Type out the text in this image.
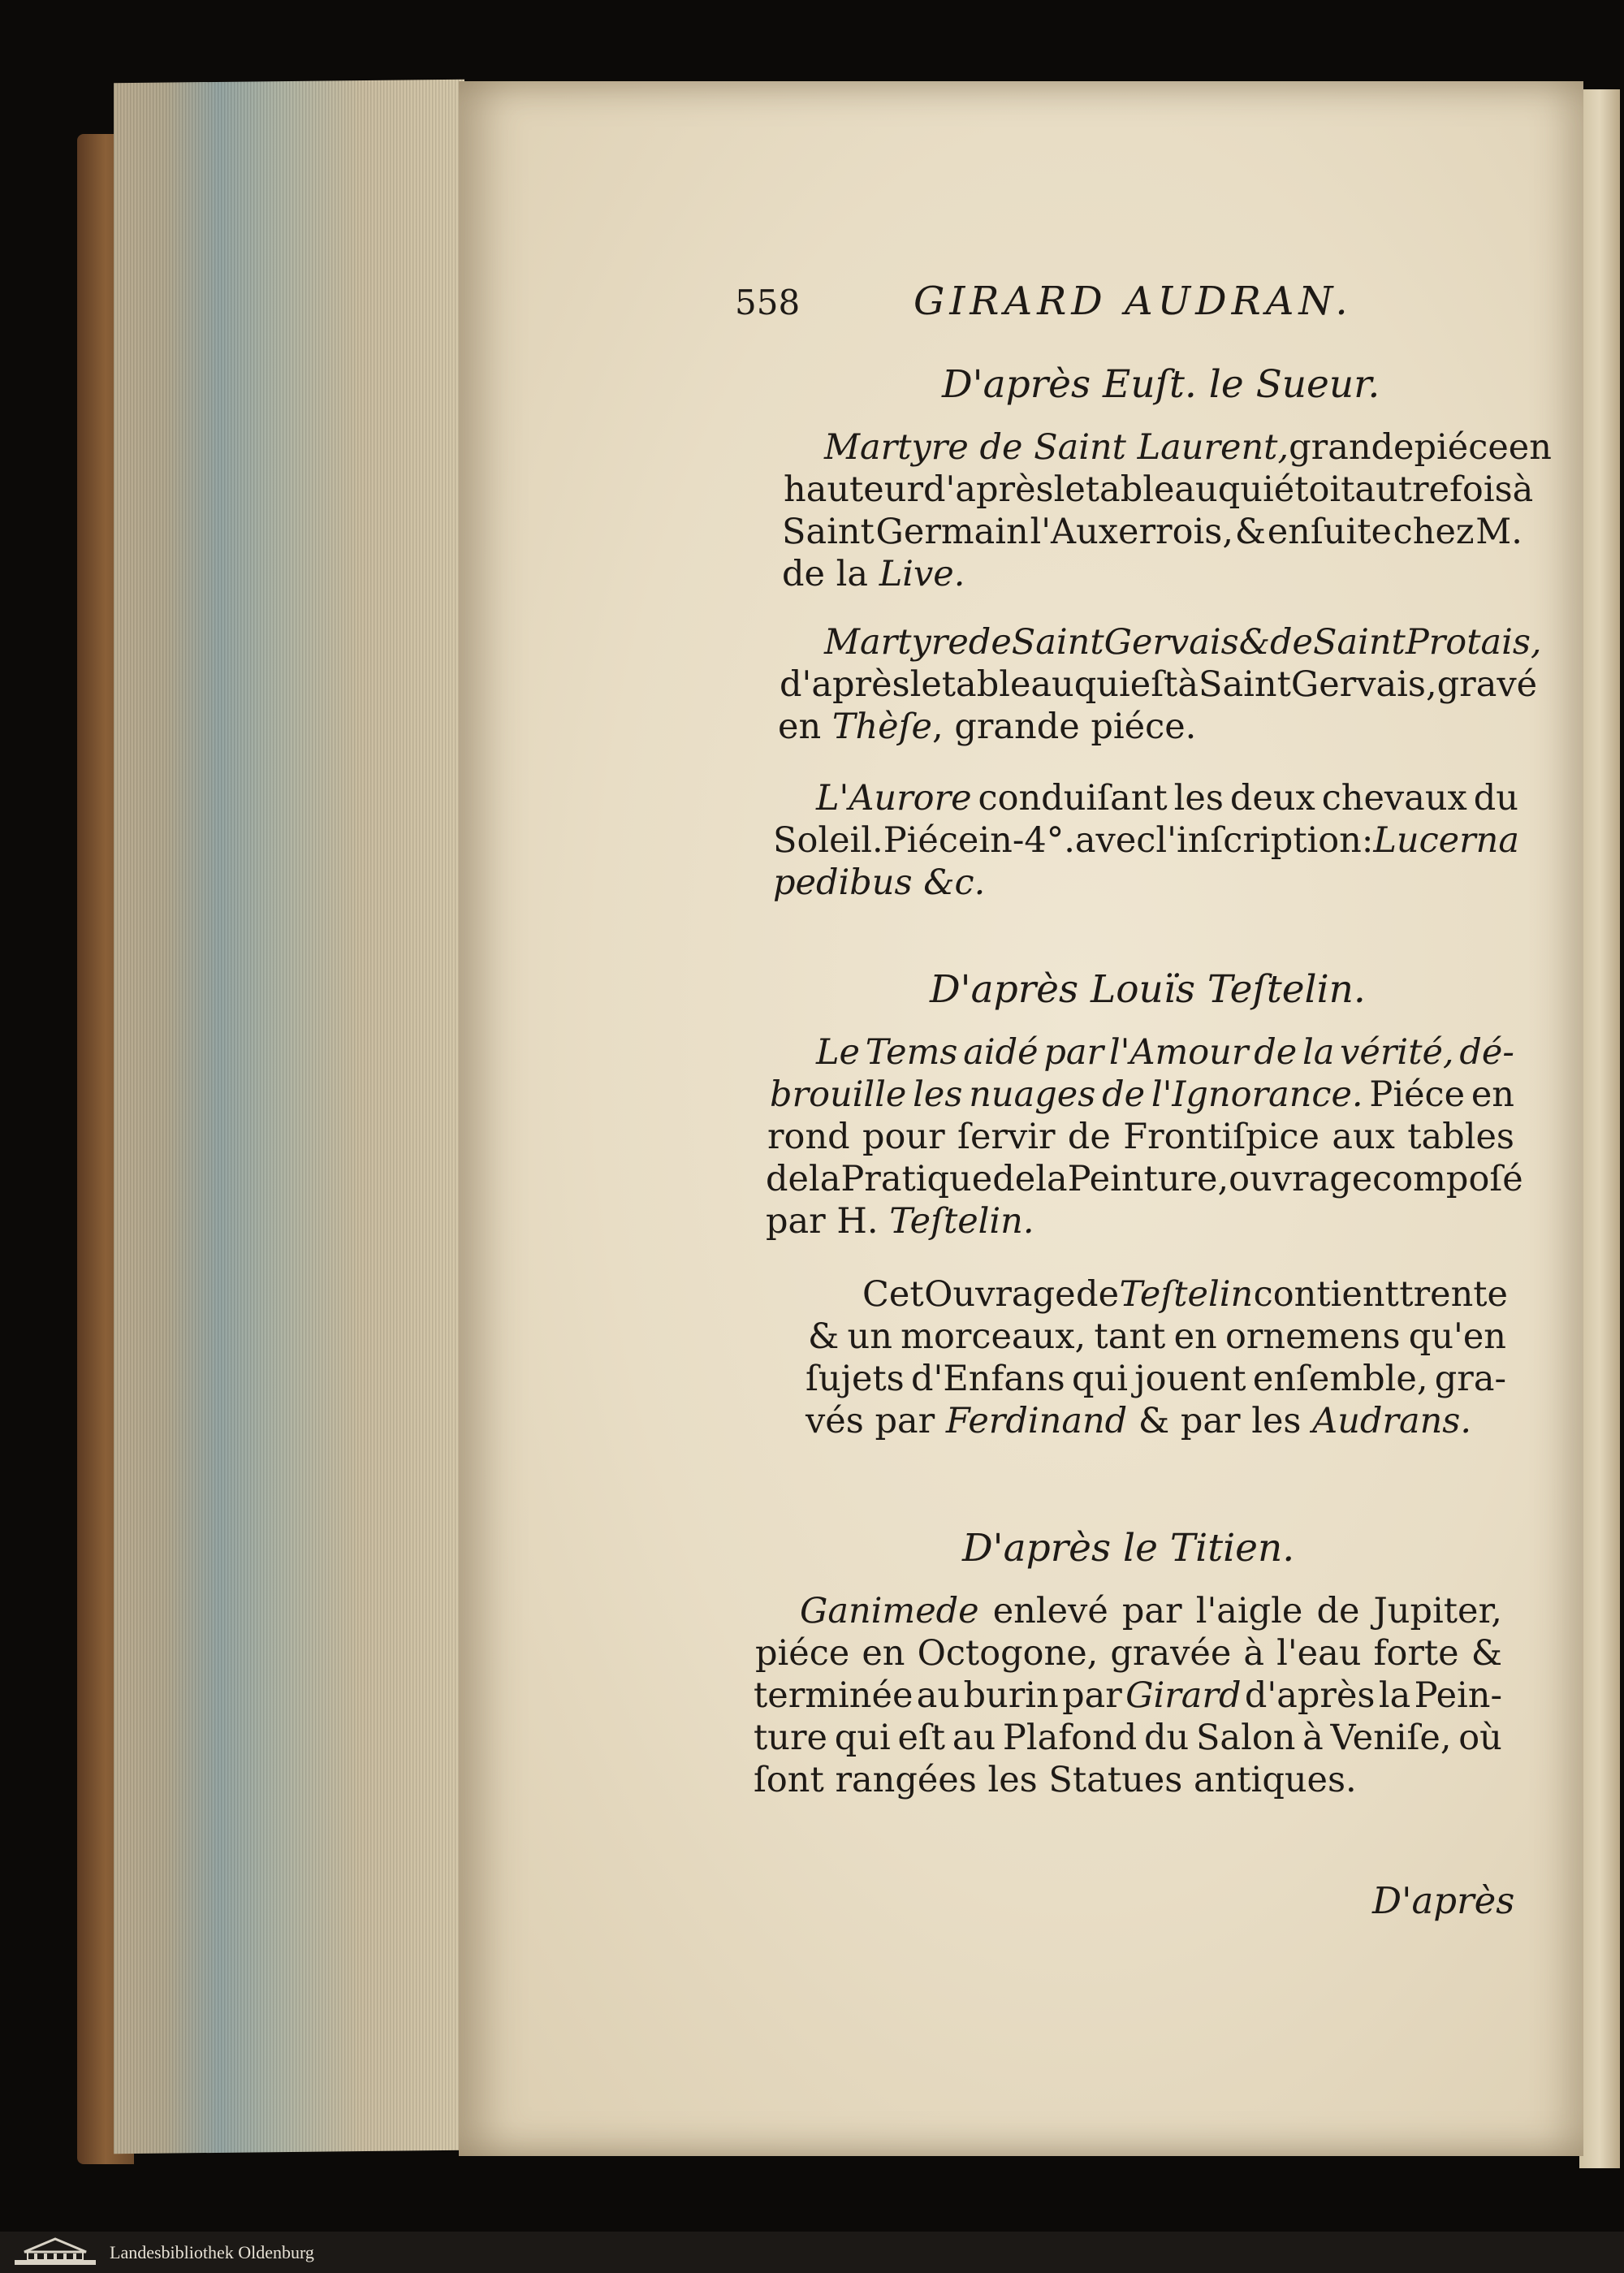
558	GIRARD AUDRAN.
D'après Euſt. le Sueur.
Martyre de Saint Laurent, grande piéce en
hauteur d'après le tableau qui étoit autrefois à
Saint Germain l'Auxerrois, & enſuite chez M.
de la Live.
Martyre de Saint Gervais & de Saint Protais,
d'après le tableau qui eſt à Saint Gervais, gravé
en Thèſe, grande piéce.
L'Aurore conduiſant les deux chevaux du
Soleil. Piéce in-4°. avec l'inſcription: Lucerna
pedibus &c.
D'après Louïs Teſtelin.
Le Tems aidé par l'Amour de la vérité, dé-
brouille les nuages de l'Ignorance. Piéce en
rond pour ſervir de Frontiſpice aux tables
de la Pratique de la Peinture, ouvrage compoſé
par H. Teſtelin.
Cet Ouvrage de Teſtelin contient trente
& un morceaux, tant en ornemens qu'en
ſujets d'Enfans qui jouent enſemble, gra-
vés par Ferdinand & par les Audrans.
D'après le Titien.
Ganimede enlevé par l'aigle de Jupiter,
piéce en Octogone, gravée à l'eau forte &
terminée au burin par Girard d'après la Pein-
ture qui eſt au Plafond du Salon à Veniſe, où
ſont rangées les Statues antiques.
D'après
Landesbibliothek Oldenburg
